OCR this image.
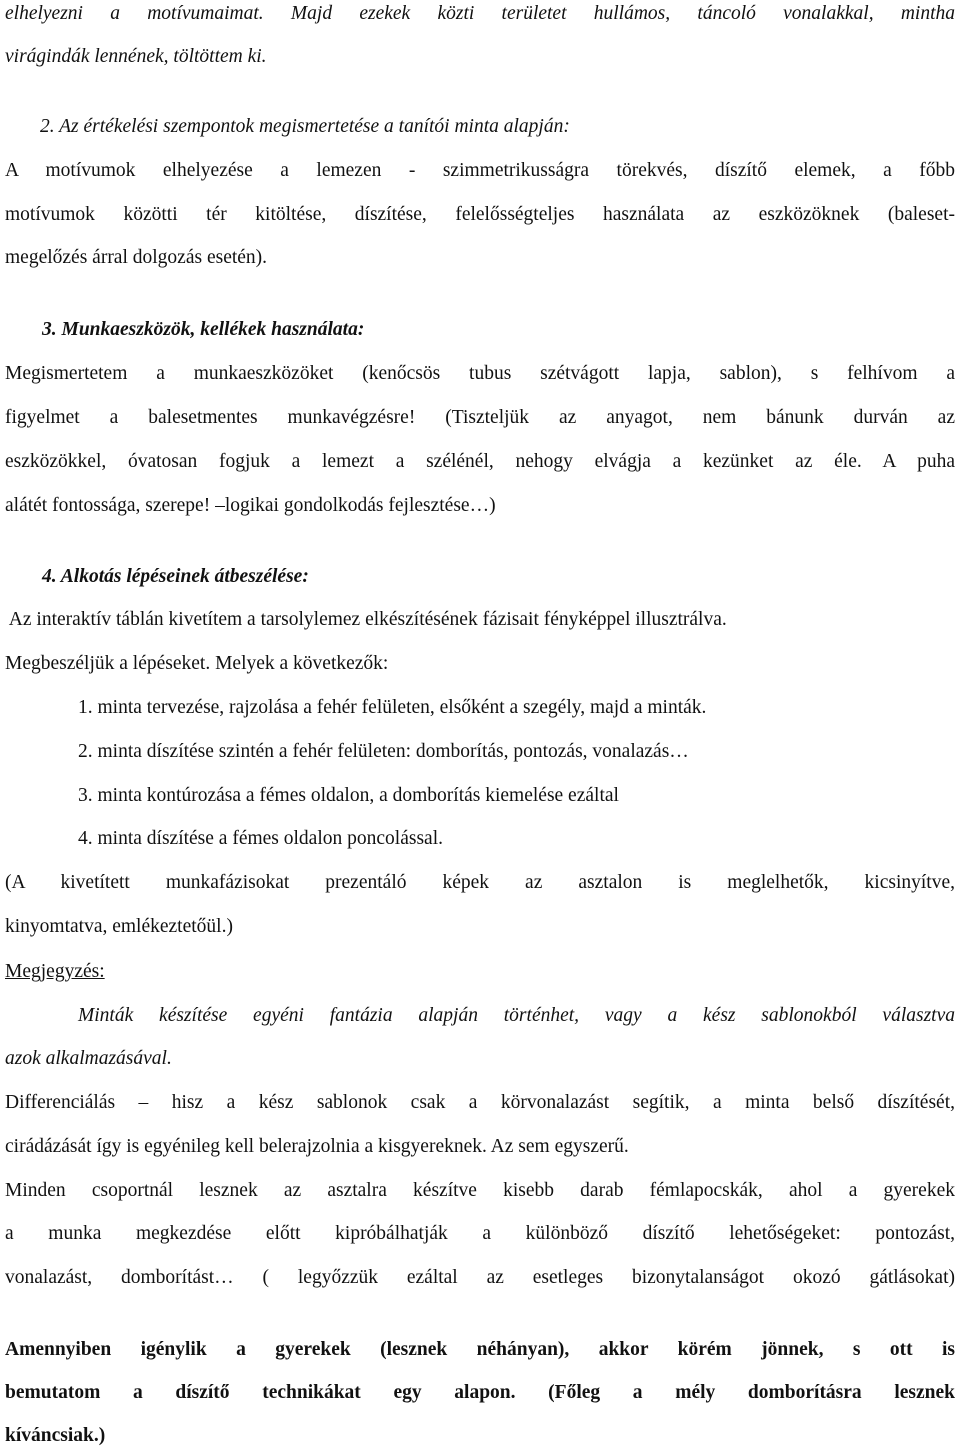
elhelyezni a motívumaimat. Majd ezekek közti területet hullámos, táncoló vonalakkal, mintha
virágindák lennének, töltöttem ki.
2. Az értékelési szempontok megismertetése a tanítói minta alapján:
A motívumok elhelyezése a lemezen - szimmetrikusságra törekvés, díszítő elemek, a főbb
motívumok közötti tér kitöltése, díszítése, felelősségteljes használata az eszközöknek (baleset-
megelőzés árral dolgozás esetén).
3. Munkaeszközök, kellékek használata:
Megismertetem a munkaeszközöket (kenőcsös tubus szétvágott lapja, sablon), s felhívom a
figyelmet a balesetmentes munkavégzésre! (Tiszteljük az anyagot, nem bánunk durván az
eszközökkel, óvatosan fogjuk a lemezt a szélénél, nehogy elvágja a kezünket az éle. A puha
alátét fontossága, szerepe! –logikai gondolkodás fejlesztése…)
4. Alkotás lépéseinek átbeszélése:
Az interaktív táblán kivetítem a tarsolylemez elkészítésének fázisait fényképpel illusztrálva.
Megbeszéljük a lépéseket. Melyek a következők:
1. minta tervezése, rajzolása a fehér felületen, elsőként a szegély, majd a minták.
2. minta díszítése szintén a fehér felületen: domborítás, pontozás, vonalazás…
3. minta kontúrozása a fémes oldalon, a domborítás kiemelése ezáltal
4. minta díszítése a fémes oldalon poncolással.
(A kivetített munkafázisokat prezentáló képek az asztalon is meglelhetők, kicsinyítve,
kinyomtatva, emlékeztetőül.)
Megjegyzés:
Minták készítése egyéni fantázia alapján történhet, vagy a kész sablonokból választva
azok alkalmazásával.
Differenciálás – hisz a kész sablonok csak a körvonalazást segítik, a minta belső díszítését,
cirádázását így is egyénileg kell belerajzolnia a kisgyereknek. Az sem egyszerű.
Minden csoportnál lesznek az asztalra készítve kisebb darab fémlapocskák, ahol a gyerekek
a munka megkezdése előtt kipróbálhatják a különböző díszítő lehetőségeket: pontozást,
vonalazást, domborítást… ( legyőzzük ezáltal az esetleges bizonytalanságot okozó gátlásokat)
Amennyiben igénylik a gyerekek (lesznek néhányan), akkor körém jönnek, s ott is
bemutatom a díszítő technikákat egy alapon. (Főleg a mély domborításra lesznek
kíváncsiak.)
